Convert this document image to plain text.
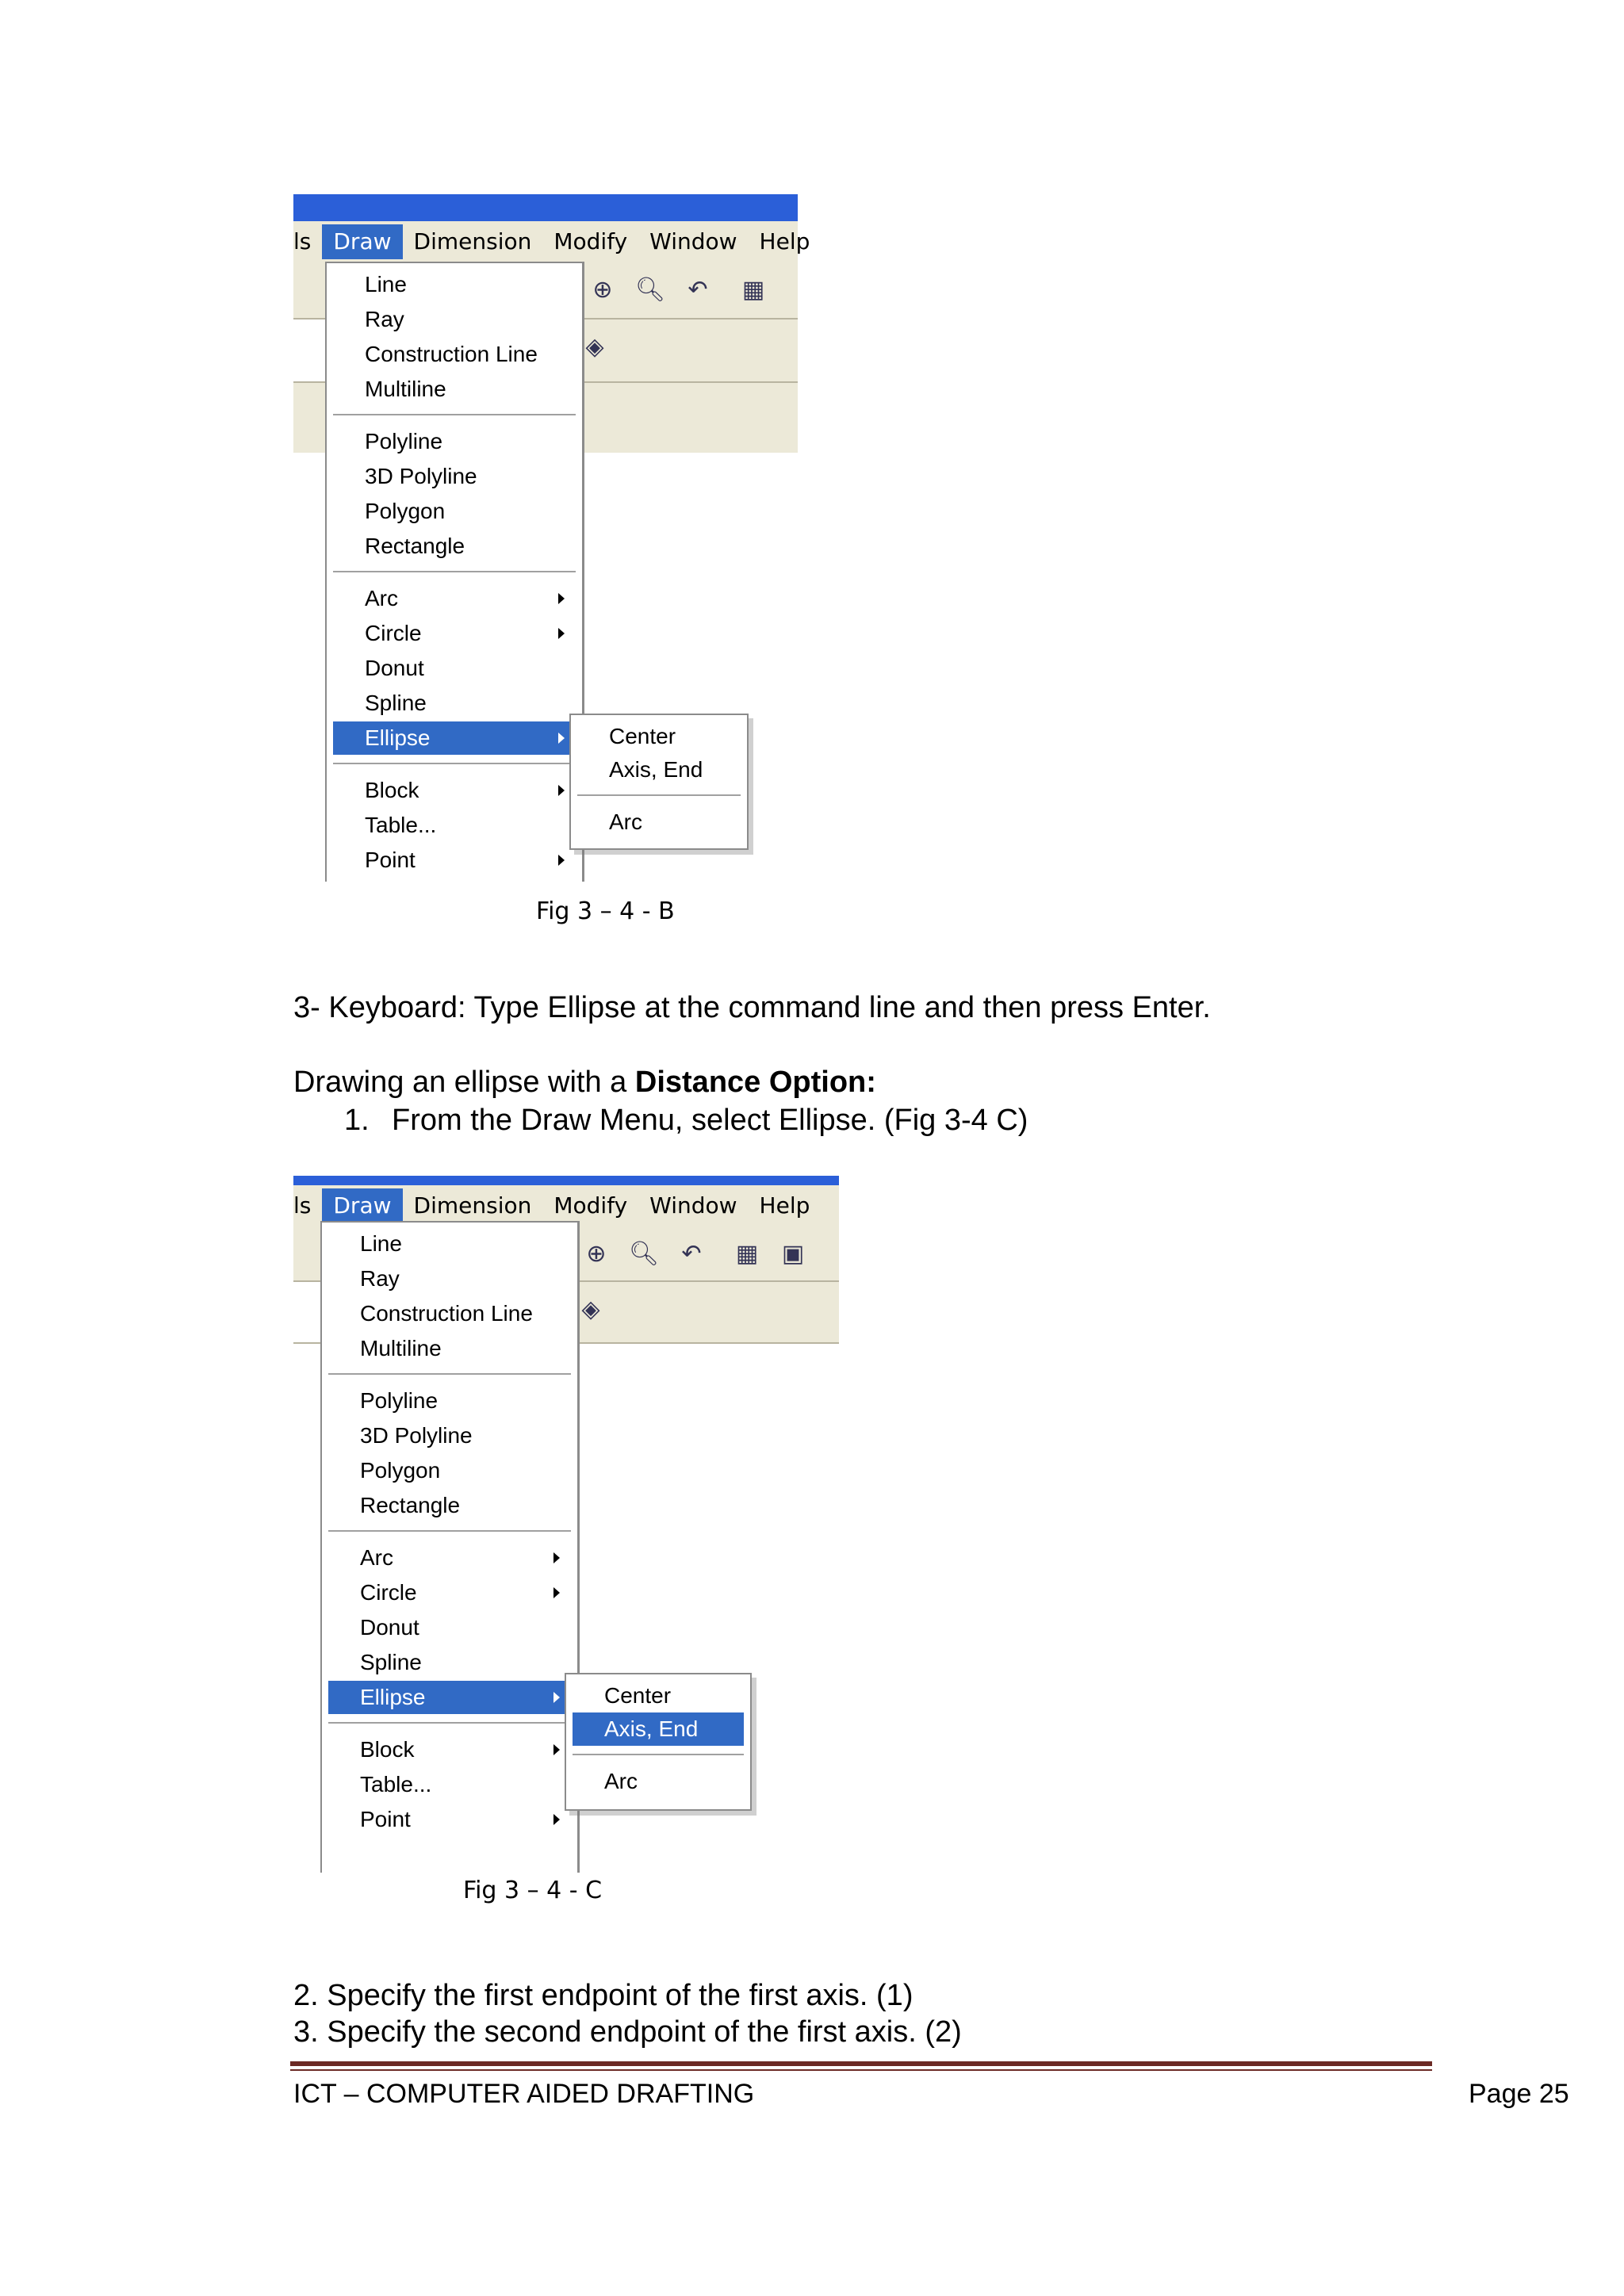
ls	Draw	Dimension	Modify	Window	Help
⊕ 🔍︎ ↶ ▦
◈
Line
Ray
Construction Line
Multiline
Polyline
3D Polyline
Polygon
Rectangle
Arc
Circle
Donut
Spline
Ellipse
Block
Table...
Point
Center
Axis, End
Arc
Fig 3 – 4 - B
3- Keyboard: Type Ellipse at the command line and then press Enter.
Drawing an ellipse with a Distance Option:
1. From the Draw Menu, select Ellipse. (Fig 3-4 C)
ls	Draw	Dimension	Modify	Window	Help
⊕ 🔍︎ ↶ ▦ ▣
◈
Line
Ray
Construction Line
Multiline
Polyline
3D Polyline
Polygon
Rectangle
Arc
Circle
Donut
Spline
Ellipse
Block
Table...
Point
Center
Axis, End
Arc
Fig 3 – 4 - C
2. Specify the first endpoint of the first axis. (1)
3. Specify the second endpoint of the first axis. (2)
ICT – COMPUTER AIDED DRAFTING	Page 25
